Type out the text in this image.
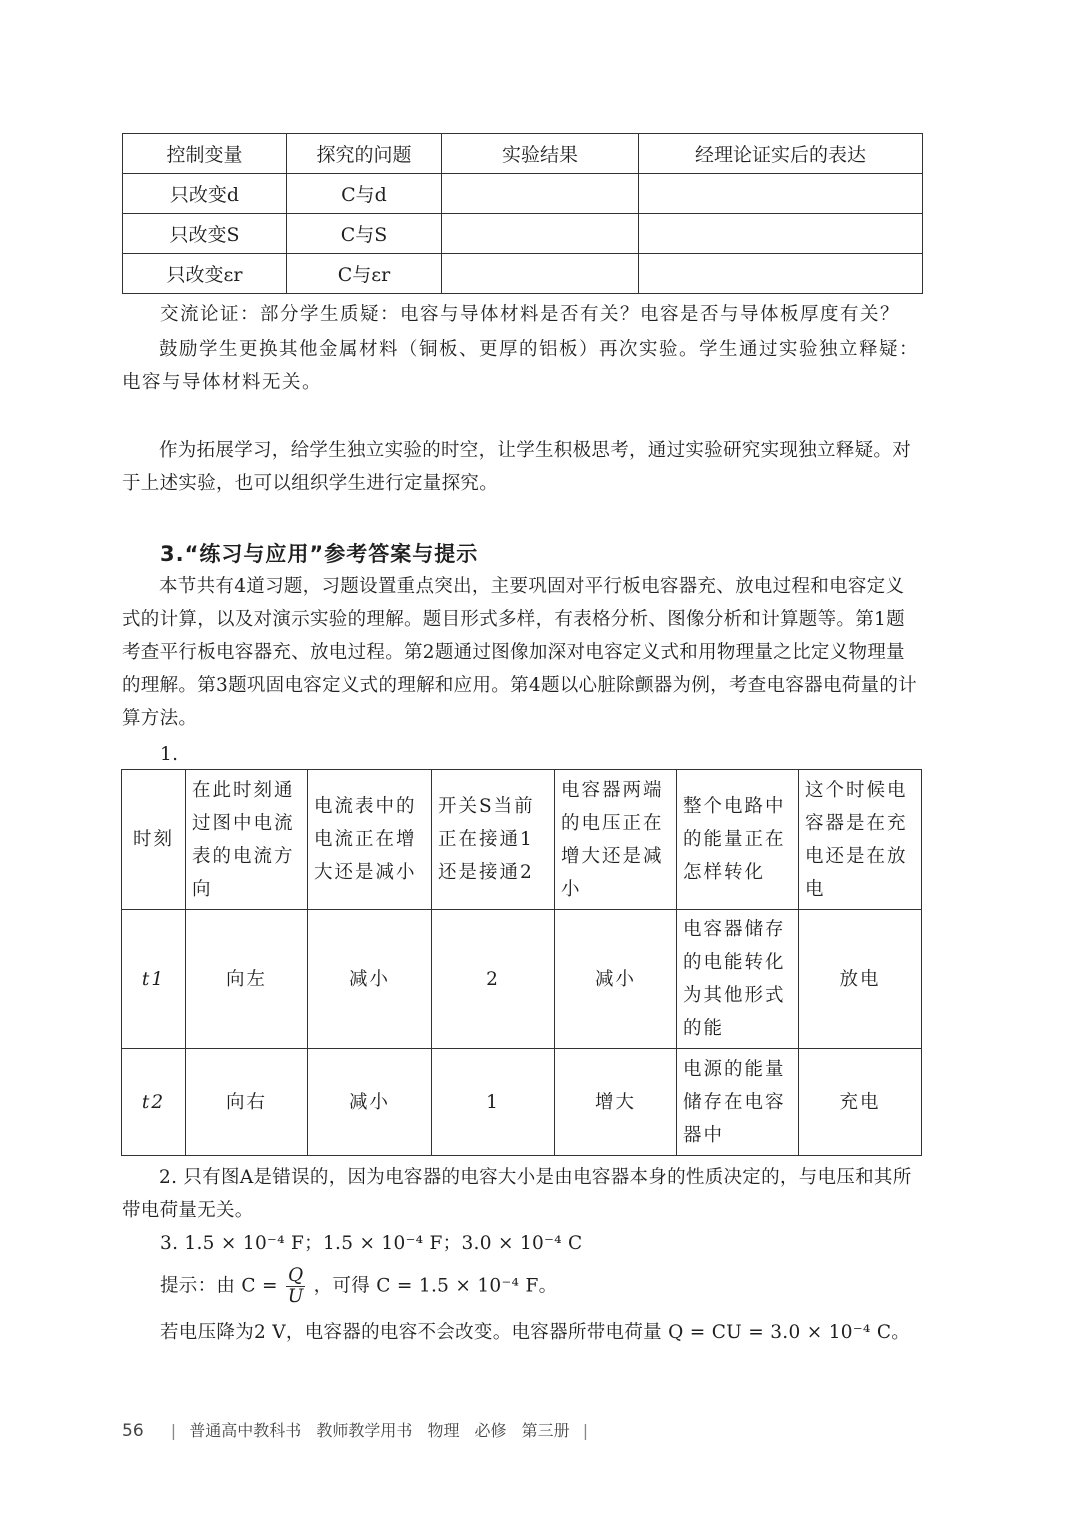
控制变量	探究的问题	实验结果	经理论证实后的表达
只改变d	C与d		
只改变S	C与S		
只改变εr	C与εr		
交流论证：部分学生质疑：电容与导体材料是否有关？电容是否与导体板厚度有关？
鼓励学生更换其他金属材料（铜板、更厚的铝板）再次实验。学生通过实验独立释疑：电容与导体材料无关。
作为拓展学习，给学生独立实验的时空，让学生积极思考，通过实验研究实现独立释疑。对于上述实验，也可以组织学生进行定量探究。
3.“练习与应用”参考答案与提示
本节共有4道习题，习题设置重点突出，主要巩固对平行板电容器充、放电过程和电容定义式的计算，以及对演示实验的理解。题目形式多样，有表格分析、图像分析和计算题等。第1题考查平行板电容器充、放电过程。第2题通过图像加深对电容定义式和用物理量之比定义物理量的理解。第3题巩固电容定义式的理解和应用。第4题以心脏除颤器为例，考查电容器电荷量的计算方法。
1.
时刻	在此时刻通过图中电流表的电流方向	电流表中的电流正在增大还是减小	开关S当前正在接通1还是接通2	电容器两端的电压正在增大还是减小	整个电路中的能量正在怎样转化	这个时候电容器是在充电还是在放电
t1	向左	减小	2	减小	电容器储存的电能转化为其他形式的能	放电
t2	向右	减小	1	增大	电源的能量储存在电容器中	充电
2. 只有图A是错误的，因为电容器的电容大小是由电容器本身的性质决定的，与电压和其所带电荷量无关。
3. 1.5 × 10⁻⁴ F；1.5 × 10⁻⁴ F；3.0 × 10⁻⁴ C
提示：由 $C = \frac{Q}{U}$ ，可得 C = 1.5 × 10⁻⁴ F。
若电压降为2 V，电容器的电容不会改变。电容器所带电荷量 Q = CU = 3.0 × 10⁻⁴ C。
56 | 普通高中教科书 教师教学用书 物理 必修 第三册 |
